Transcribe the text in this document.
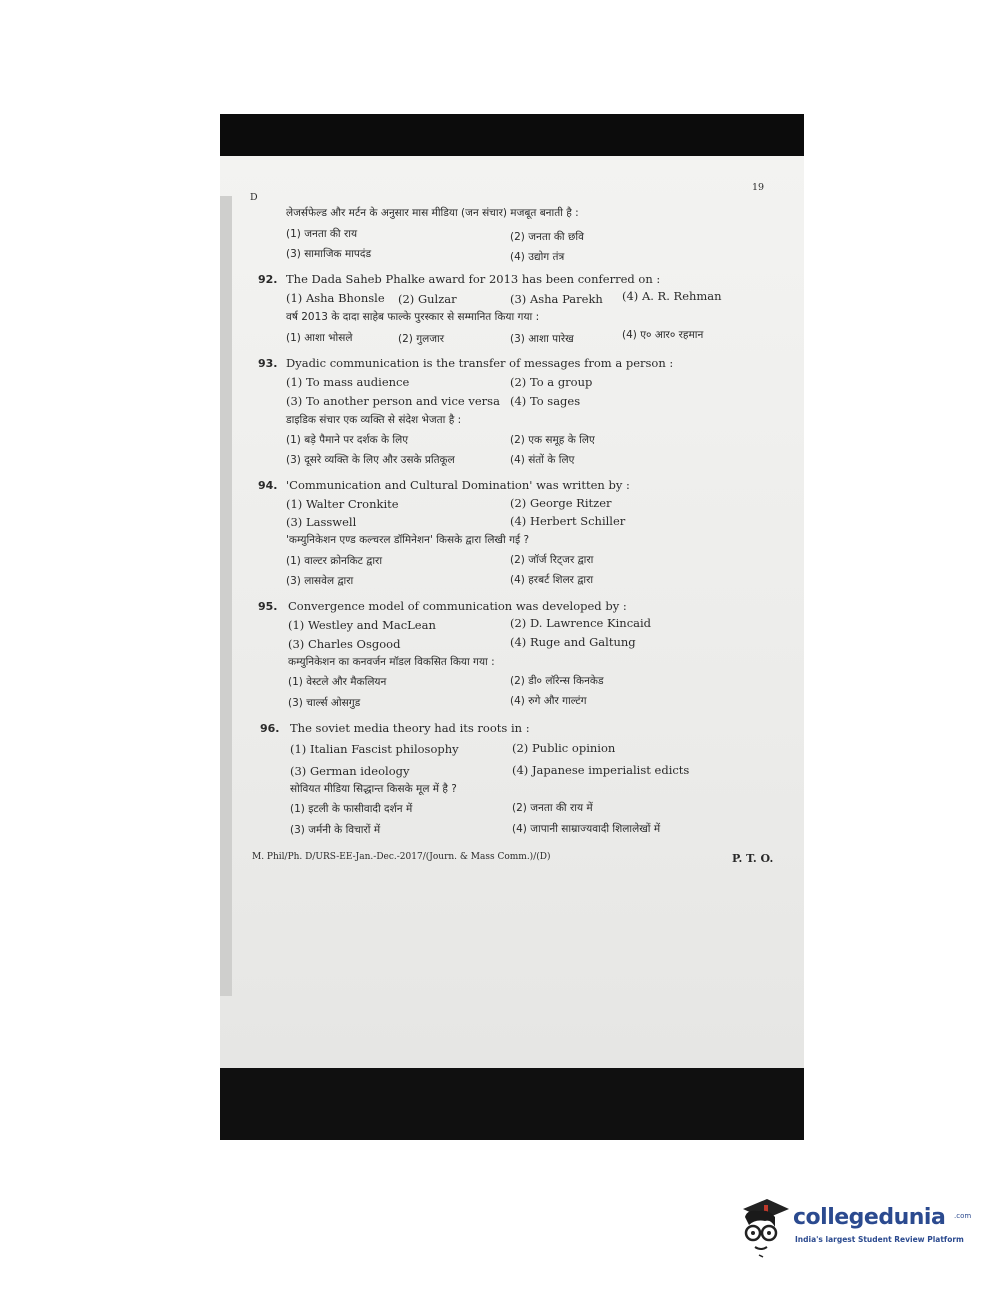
D
19
लेजर्सफेल्ड और मर्टन के अनुसार मास मीडिया (जन संचार) मजबूत बनाती है :
(1) जनता की राय	(2) जनता की छवि
(3) सामाजिक मापदंड	(4) उद्योग तंत्र
92. The Dada Saheb Phalke award for 2013 has been conferred on :
(1) Asha Bhonsle (2) Gulzar	(3) Asha Parekh (4) A. R. Rehman
वर्ष 2013 के दादा साहेब फाल्के पुरस्कार से सम्मानित किया गया :
(1) आशा भोसले	(2) गुलजार	(3) आशा पारेख	(4) ए० आर० रहमान
93. Dyadic communication is the transfer of messages from a person :
(1) To mass audience	(2) To a group
(3) To another person and vice versa (4) To sages
डाइडिक संचार एक व्यक्ति से संदेश भेजता है :
(1) बड़े पैमाने पर दर्शक के लिए	(2) एक समूह के लिए
(3) दूसरे व्यक्ति के लिए और उसके प्रतिकूल	(4) संतों के लिए
94. 'Communication and Cultural Domination' was written by :
(1) Walter Cronkite	(2) George Ritzer
(3) Lasswell	(4) Herbert Schiller
'कम्युनिकेशन एण्ड कल्चरल डॉमिनेशन' किसके द्वारा लिखी गई ?
(1) वाल्टर क्रोनकिट द्वारा	(2) जॉर्ज रिट्जर द्वारा
(3) लासवेल द्वारा	(4) हरबर्ट शिलर द्वारा
95. Convergence model of communication was developed by :
(1) Westley and MacLean	(2) D. Lawrence Kincaid
(3) Charles Osgood	(4) Ruge and Galtung
कम्युनिकेशन का कनवर्जन मॉडल विकसित किया गया :
(1) वेस्टले और मैकलियन	(2) डी० लॉरेन्स किनकेड
(3) चार्ल्स ओसगुड	(4) रुगे और गाल्टंग
96. The soviet media theory had its roots in :
(1) Italian Fascist philosophy	(2) Public opinion
(3) German ideology	(4) Japanese imperialist edicts
सोवियत मीडिया सिद्धान्त किसके मूल में है ?
(1) इटली के फासीवादी दर्शन में	(2) जनता की राय में
(3) जर्मनी के विचारों में	(4) जापानी साम्राज्यवादी शिलालेखों में
M. Phil/Ph. D/URS-EE-Jan.-Dec.-2017/(Journ. & Mass Comm.)/(D)	P. T. O.
collegedunia .com
India's largest Student Review Platform
